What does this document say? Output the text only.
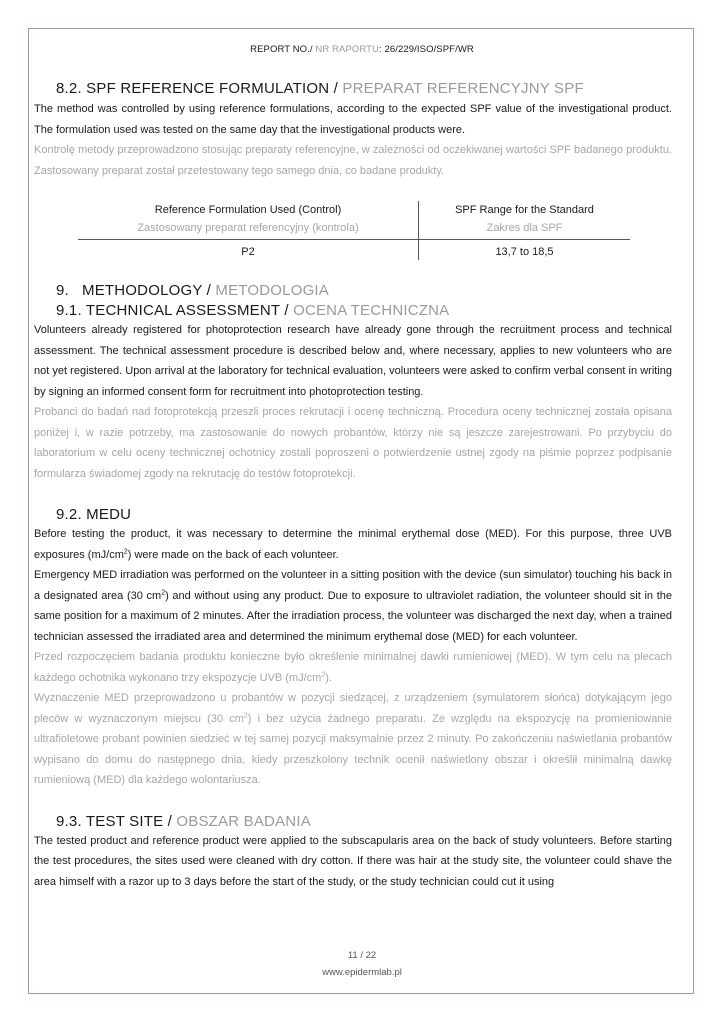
REPORT NO./ NR RAPORTU: 26/229/ISO/SPF/WR
8.2. SPF REFERENCE FORMULATION / PREPARAT REFERENCYJNY SPF

The method was controlled by using reference formulations, according to the expected SPF value of the investigational product. The formulation used was tested on the same day that the investigational products were.

Kontrolę metody przeprowadzono stosując preparaty referencyjne, w zależności od oczekiwanej wartości SPF badanego produktu. Zastosowany preparat został przetestowany tego samego dnia, co badane produkty.

Reference Formulation Used (Control)	SPF Range for the Standard
Zastosowany preparat referencyjny (kontrola)	Zakres dla SPF
P2	13,7 to 18,5
9.   METHODOLOGY / METODOLOGIA
9.1. TECHNICAL ASSESSMENT / OCENA TECHNICZNA

Volunteers already registered for photoprotection research have already gone through the recruitment process and technical assessment. The technical assessment procedure is described below and, where necessary, applies to new volunteers who are not yet registered. Upon arrival at the laboratory for technical evaluation, volunteers were asked to confirm verbal consent in writing by signing an informed consent form for recruitment into photoprotection testing.

Probanci do badań nad fotoprotekcją przeszli proces rekrutacji i ocenę techniczną. Procedura oceny technicznej została opisana poniżej i, w razie potrzeby, ma zastosowanie do nowych probantów, którzy nie są jeszcze zarejestrowani. Po przybyciu do laboratorium w celu oceny technicznej ochotnicy zostali poproszeni o potwierdzenie ustnej zgody na piśmie poprzez podpisanie formularza świadomej zgody na rekrutację do testów fotoprotekcji.

9.2. MEDU

Before testing the product, it was necessary to determine the minimal erythemal dose (MED). For this purpose, three UVB exposures $(mJ/cm^2)$ were made on the back of each volunteer.

Emergency MED irradiation was performed on the volunteer in a sitting position with the device (sun simulator) touching his back in a designated area (30 $cm^2$) and without using any product. Due to exposure to ultraviolet radiation, the volunteer should sit in the same position for a maximum of 2 minutes. After the irradiation process, the volunteer was discharged the next day, when a trained technician assessed the irradiated area and determined the minimum erythemal dose (MED) for each volunteer.

Przed rozpoczęciem badania produktu konieczne było określenie minimalnej dawki rumieniowej (MED). W tym celu na plecach każdego ochotnika wykonano trzy ekspozycje UVB $(mJ/cm^2)$.

Wyznaczenie MED przeprowadzono u probantów w pozycji siedzącej, z urządzeniem (symulatorem słońca) dotykającym jego pleców w wyznaczonym miejscu (30 $cm^2$) i bez użycia żadnego preparatu. Ze względu na ekspozycję na promieniowanie ultrafioletowe probant powinien siedzieć w tej samej pozycji maksymalnie przez 2 minuty. Po zakończeniu naświetlania probantów wypisano do domu do następnego dnia, kiedy przeszkolony technik ocenił naświetlony obszar i określił minimalną dawkę rumieniową (MED) dla każdego wolontariusza.

9.3. TEST SITE / OBSZAR BADANIA

The tested product and reference product were applied to the subscapularis area on the back of study volunteers. Before starting the test procedures, the sites used were cleaned with dry cotton. If there was hair at the study site, the volunteer could shave the area himself with a razor up to 3 days before the start of the study, or the study technician could cut it using

11 / 22
www.epidermlab.pl
